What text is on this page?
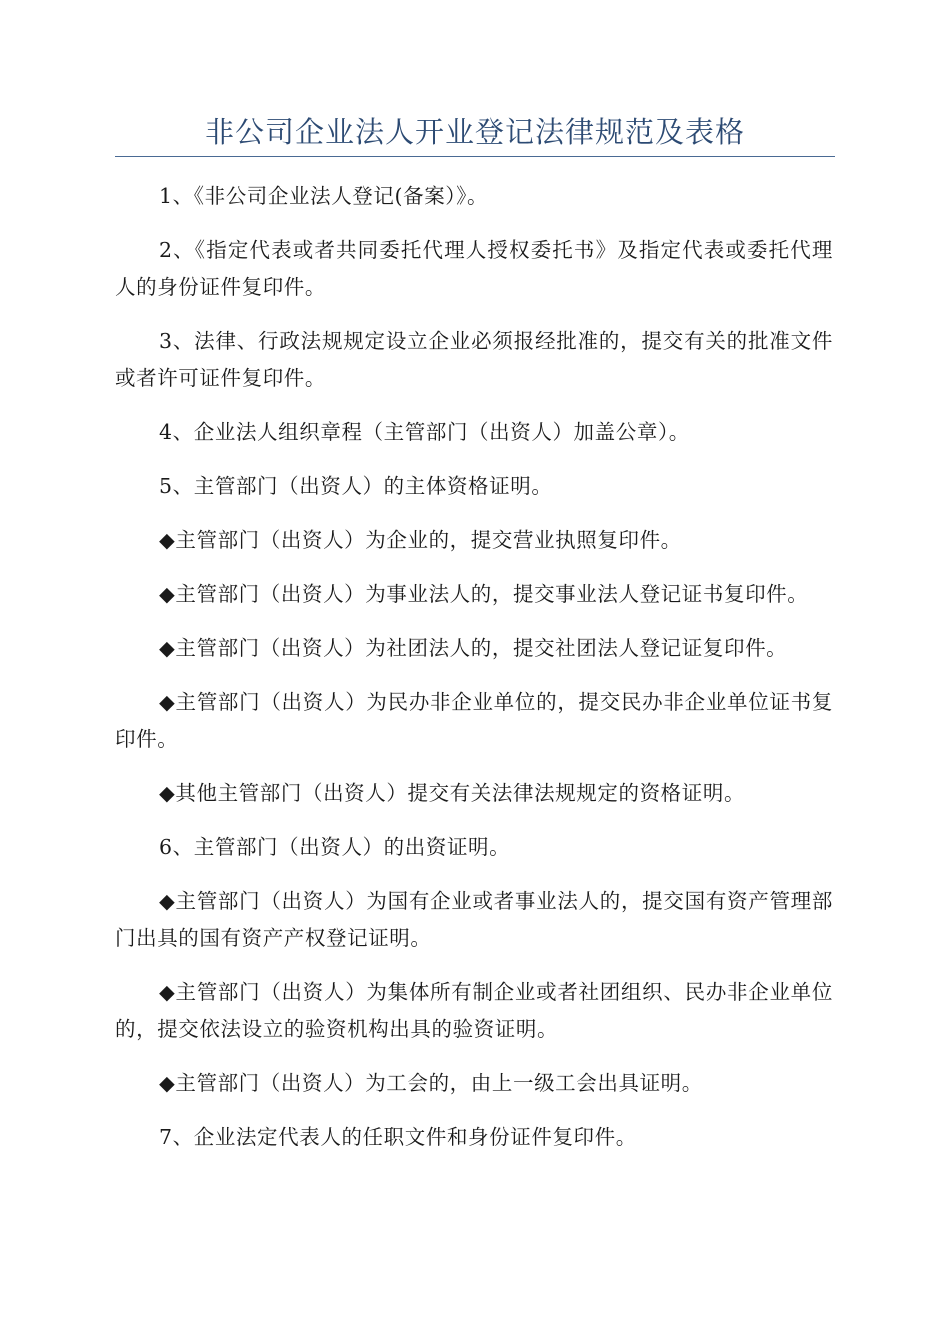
非公司企业法人开业登记法律规范及表格

1、《非公司企业法人登记(备案）》。

2、《指定代表或者共同委托代理人授权委托书》及指定代表或委托代理人的身份证件复印件。

3、法律、行政法规规定设立企业必须报经批准的，提交有关的批准文件或者许可证件复印件。

4、企业法人组织章程（主管部门（出资人）加盖公章）。

5、主管部门（出资人）的主体资格证明。

◆主管部门（出资人）为企业的，提交营业执照复印件。

◆主管部门（出资人）为事业法人的，提交事业法人登记证书复印件。

◆主管部门（出资人）为社团法人的，提交社团法人登记证复印件。

◆主管部门（出资人）为民办非企业单位的，提交民办非企业单位证书复印件。

◆其他主管部门（出资人）提交有关法律法规规定的资格证明。

6、主管部门（出资人）的出资证明。

◆主管部门（出资人）为国有企业或者事业法人的，提交国有资产管理部门出具的国有资产产权登记证明。

◆主管部门（出资人）为集体所有制企业或者社团组织、民办非企业单位的，提交依法设立的验资机构出具的验资证明。

◆主管部门（出资人）为工会的，由上一级工会出具证明。

7、企业法定代表人的任职文件和身份证件复印件。
